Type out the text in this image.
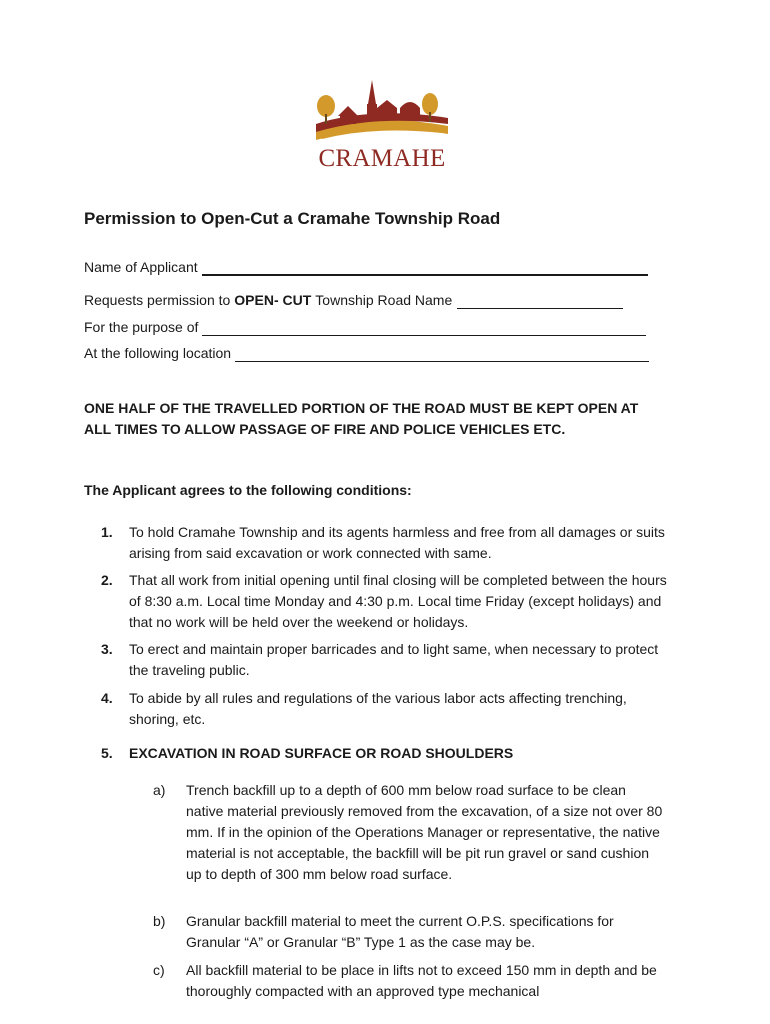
CRAMAHE
Permission to Open-Cut a Cramahe Township Road
Name of Applicant
Requests permission to OPEN- CUT Township Road Name
For the purpose of
At the following location
ONE HALF OF THE TRAVELLED PORTION OF THE ROAD MUST BE KEPT OPEN AT ALL TIMES TO ALLOW PASSAGE OF FIRE AND POLICE VEHICLES ETC.
The Applicant agrees to the following conditions:
1. To hold Cramahe Township and its agents harmless and free from all damages or suits arising from said excavation or work connected with same.
2. That all work from initial opening until final closing will be completed between the hours of 8:30 a.m. Local time Monday and 4:30 p.m. Local time Friday (except holidays) and that no work will be held over the weekend or holidays.
3. To erect and maintain proper barricades and to light same, when necessary to protect the traveling public.
4. To abide by all rules and regulations of the various labor acts affecting trenching, shoring, etc.
5. EXCAVATION IN ROAD SURFACE OR ROAD SHOULDERS
a) Trench backfill up to a depth of 600 mm below road surface to be clean native material previously removed from the excavation, of a size not over 80 mm. If in the opinion of the Operations Manager or representative, the native material is not acceptable, the backfill will be pit run gravel or sand cushion up to depth of 300 mm below road surface.
b) Granular backfill material to meet the current O.P.S. specifications for Granular “A” or Granular “B” Type 1 as the case may be.
c) All backfill material to be place in lifts not to exceed 150 mm in depth and be thoroughly compacted with an approved type mechanical
